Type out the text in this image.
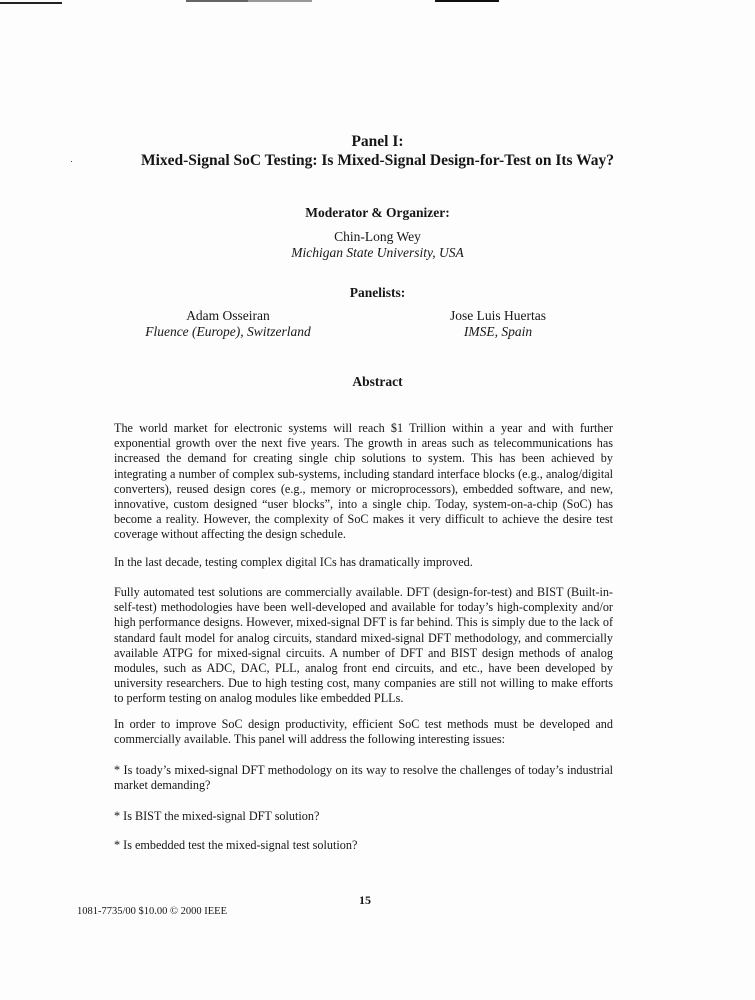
Panel I:
Mixed-Signal SoC Testing: Is Mixed-Signal Design-for-Test on Its Way?
Moderator & Organizer:
Chin-Long Wey
Michigan State University, USA
Panelists:
Adam Osseiran
Fluence (Europe), Switzerland
Jose Luis Huertas
IMSE, Spain
Abstract

The world market for electronic systems will reach $1 Trillion within a year and with further exponential growth over the next five years. The growth in areas such as telecommunications has increased the demand for creating single chip solutions to system. This has been achieved by integrating a number of complex sub-systems, including standard interface blocks (e.g., analog/digital converters), reused design cores (e.g., memory or microprocessors), embedded software, and new, innovative, custom designed “user blocks”, into a single chip. Today, system-on-a-chip (SoC) has become a reality. However, the complexity of SoC makes it very difficult to achieve the desire test coverage without affecting the design schedule.

In the last decade, testing complex digital ICs has dramatically improved.

Fully automated test solutions are commercially available. DFT (design-for-test) and BIST (Built-in-self-test) methodologies have been well-developed and available for today’s high-complexity and/or high performance designs. However, mixed-signal DFT is far behind. This is simply due to the lack of standard fault model for analog circuits, standard mixed-signal DFT methodology, and commercially available ATPG for mixed-signal circuits. A number of DFT and BIST design methods of analog modules, such as ADC, DAC, PLL, analog front end circuits, and etc., have been developed by university researchers. Due to high testing cost, many companies are still not willing to make efforts to perform testing on analog modules like embedded PLLs.

In order to improve SoC design productivity, efficient SoC test methods must be developed and commercially available. This panel will address the following interesting issues:

* Is toady’s mixed-signal DFT methodology on its way to resolve the challenges of today’s industrial market demanding?

* Is BIST the mixed-signal DFT solution?

* Is embedded test the mixed-signal test solution?

15
1081-7735/00 $10.00 © 2000 IEEE
